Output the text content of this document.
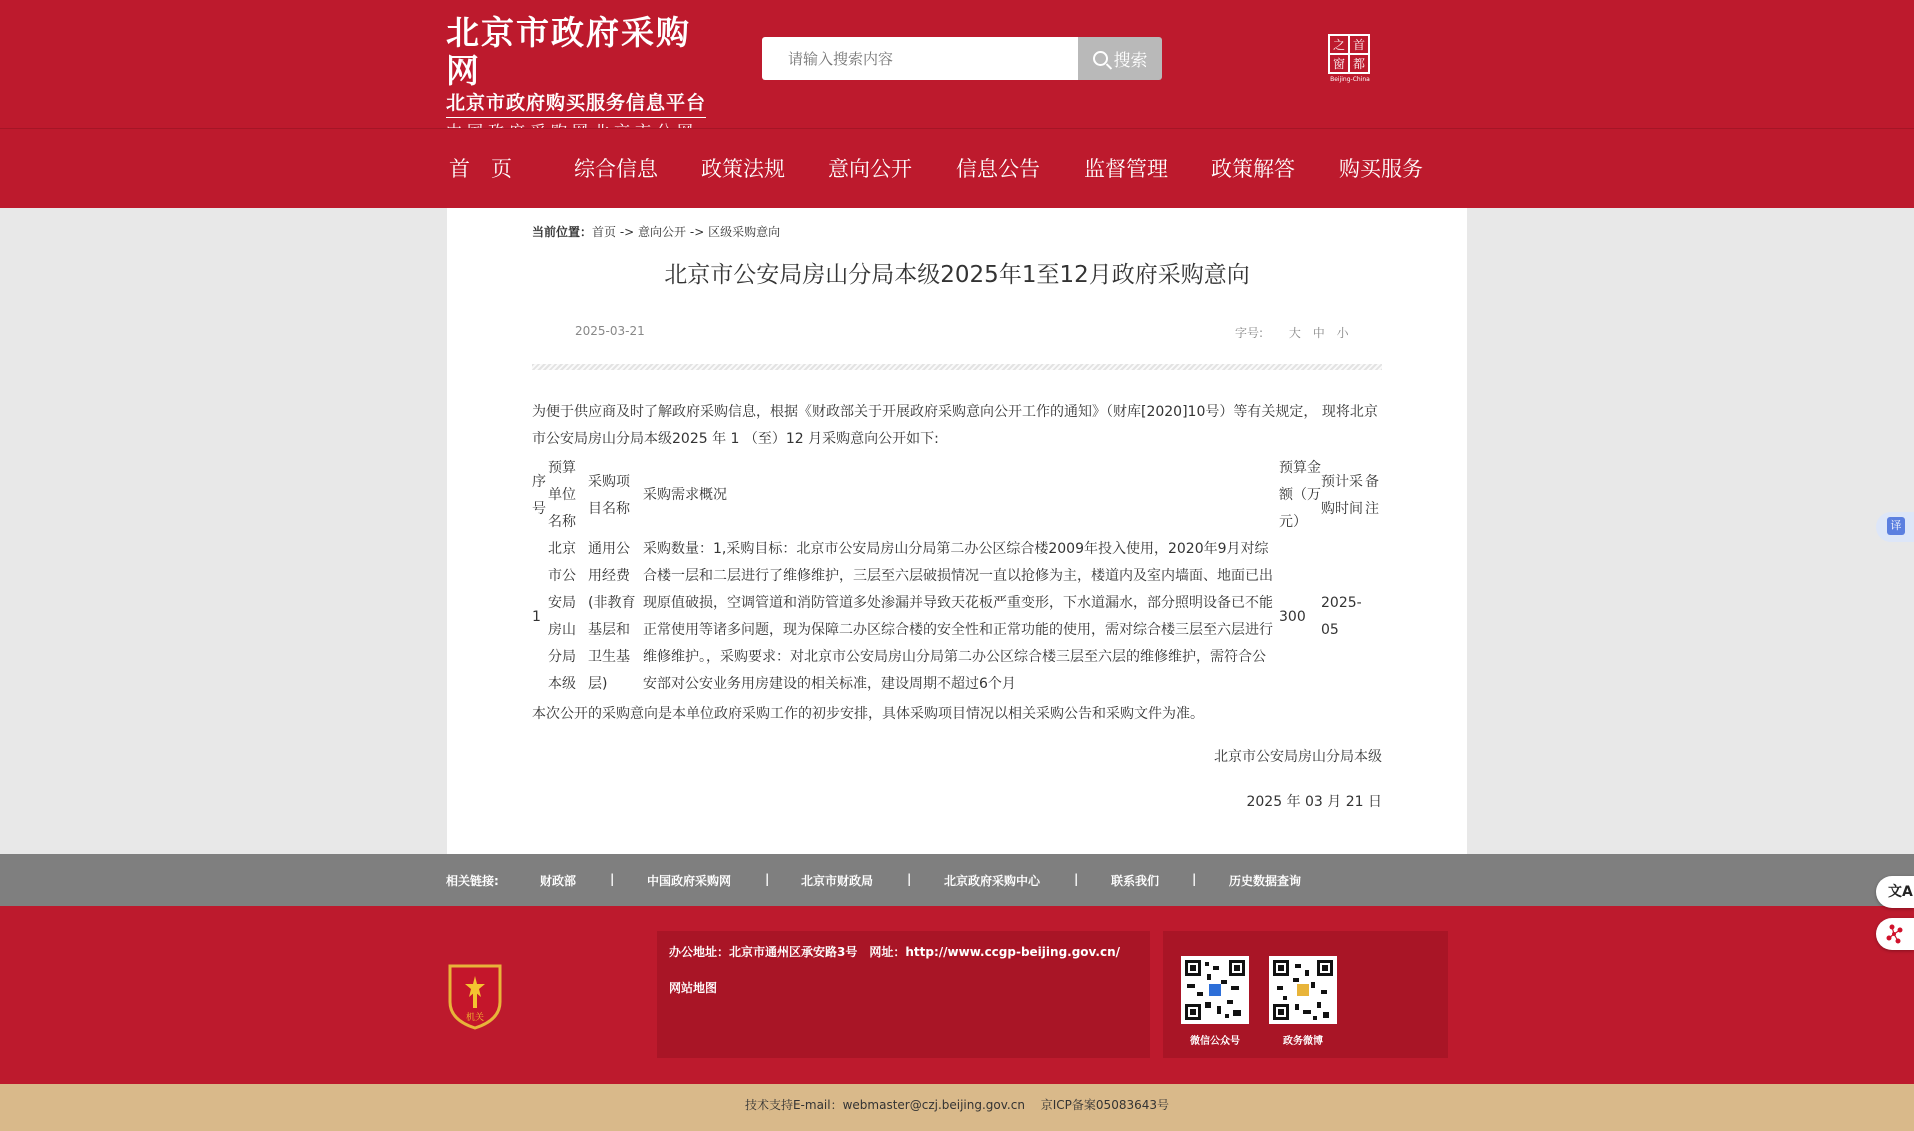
北京市政府采购网
北京市政府购买服务信息平台
请输入搜索内容
搜索
之 首
窗 都
Beijing-China
首　页	综合信息 政策法规 意向公开 信息公告 监督管理 政策解答 购买服务
当前位置：首页 -> 意向公开 -> 区级采购意向
北京市公安局房山分局本级2025年1至12月政府采购意向
2025-03-21	字号: 大 中 小
为便于供应商及时了解政府采购信息，根据《财政部关于开展政府采购意向公开工作的通知》（财库[2020]10号）等有关规定， 现将北京市公安局房山分局本级2025 年 1 （至）12 月采购意向公开如下:
序号	预算单位名称	采购项目名称	采购需求概况	预算金额（万元）	预计采购时间	备注
1	北京市公安局房山分局本级	通用公用经费(非教育基层和卫生基层)	采购数量：1,采购目标：北京市公安局房山分局第二办公区综合楼2009年投入使用，2020年9月对综合楼一层和二层进行了维修维护，三层至六层破损情况一直以抢修为主，楼道内及室内墙面、地面已出现原值破损，空调管道和消防管道多处渗漏并导致天花板严重变形，下水道漏水，部分照明设备已不能正常使用等诸多问题，现为保障二办区综合楼的安全性和正常功能的使用，需对综合楼三层至六层进行维修维护。，采购要求：对北京市公安局房山分局第二办公区综合楼三层至六层的维修维护，需符合公安部对公安业务用房建设的相关标准，建设周期不超过6个月	300	2025-05	
本次公开的采购意向是本单位政府采购工作的初步安排，具体采购项目情况以相关采购公告和采购文件为准。
北京市公安局房山分局本级
2025 年 03 月 21 日
相关链接:	财政部	|	中国政府采购网	|	北京市财政局	|	北京政府采购中心	|	联系我们	|	历史数据查询
机关
办公地址：北京市通州区承安路3号　网址：http://www.ccgp-beijing.gov.cn/
网站地图
微信公众号	政务微博
技术支持E-mail：webmaster@czj.beijing.gov.cn　 京ICP备案05083643号
译
文A
